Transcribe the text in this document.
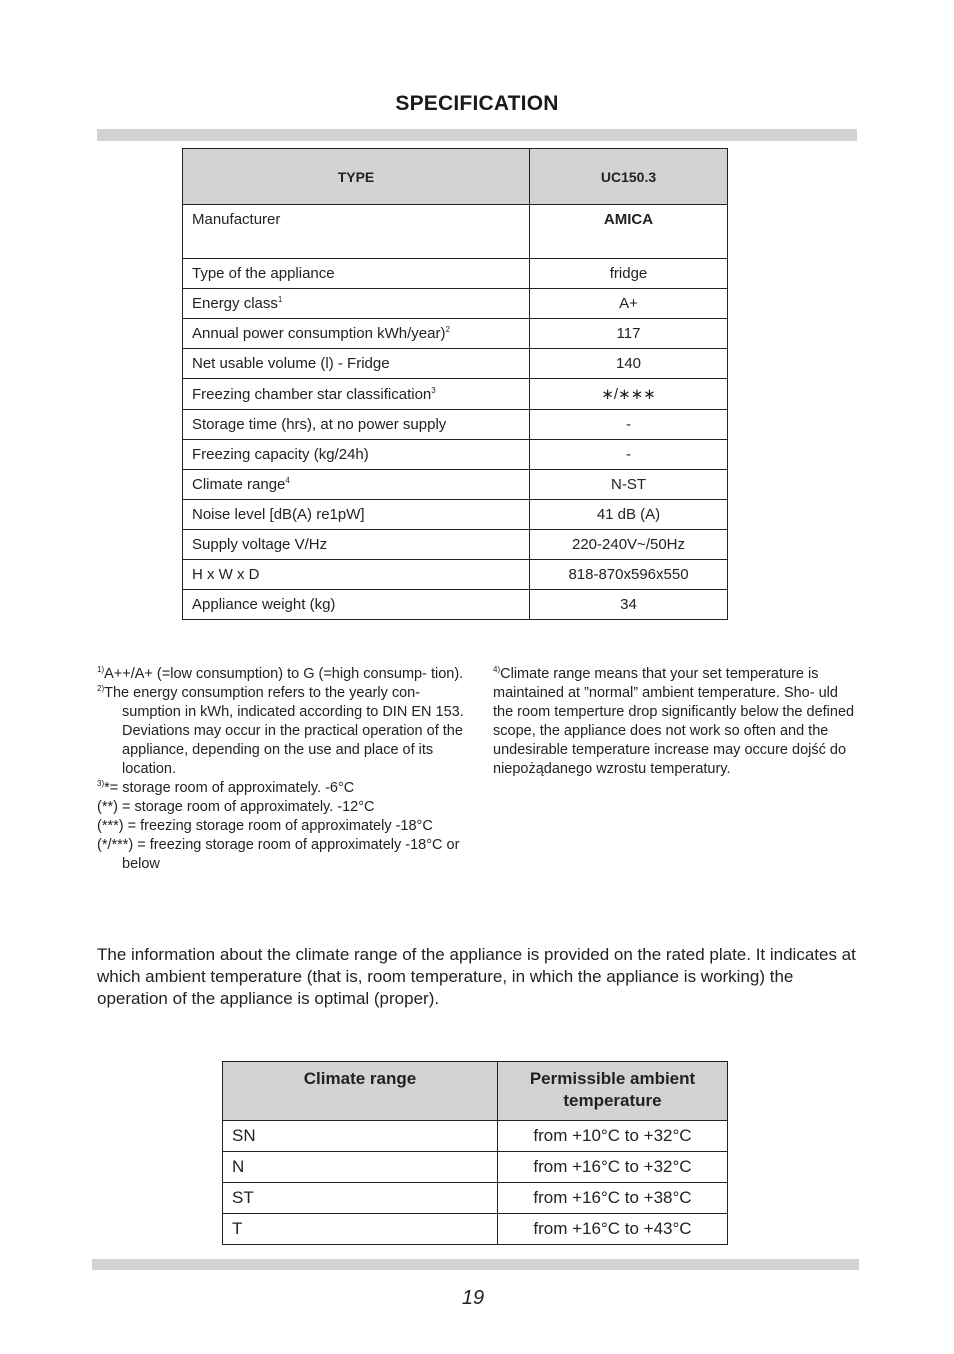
SPECIFICATION
TYPE	UC150.3
Manufacturer	AMICA
Type of the appliance	fridge
Energy class$^1$	A+
Annual power consumption kWh/year)$^2$	117
Net usable volume (l) - Fridge	140
Freezing chamber star classification$^3$	∗/∗∗∗
Storage time (hrs), at no power supply	-
Freezing capacity (kg/24h)	-
Climate range$^4$	N-ST
Noise level [dB(A) re1pW]	41 dB (A)
Supply voltage V/Hz	220-240V~/50Hz
H x W x D	818-870x596x550
Appliance weight (kg)	34
$^{1)}$A++/A+ (=low consumption) to G (=high consump- tion).
$^{2)}$The energy consumption refers to the yearly con- sumption in kWh, indicated according to DIN EN 153. Deviations may occur in the practical operation of the appliance, depending on the use and place of its location.
$^{3)}$*= storage room of approximately. -6°C
(**) = storage room of approximately. -12°C
(***) = freezing storage room of approximately -18°C
(*/***) = freezing storage room of approximately -18°C or below
$^{4)}$Climate range means that your set temperature is maintained at ”normal” ambient temperature. Sho- uld the room temperture drop significantly below the defined scope, the appliance does not work so often and the undesirable temperature increase may occure dojść do niepożądanego wzrostu temperatury.
The information about the climate range of the appliance is provided on the rated plate. It indicates at which ambient temperature (that is, room temperature, in which the appliance is working) the operation of the appliance is optimal (proper).
Climate range	Permissible ambient temperature
SN	from +10°C to +32°C
N	from +16°C to +32°C
ST	from +16°C to +38°C
T	from +16°C to +43°C
19
